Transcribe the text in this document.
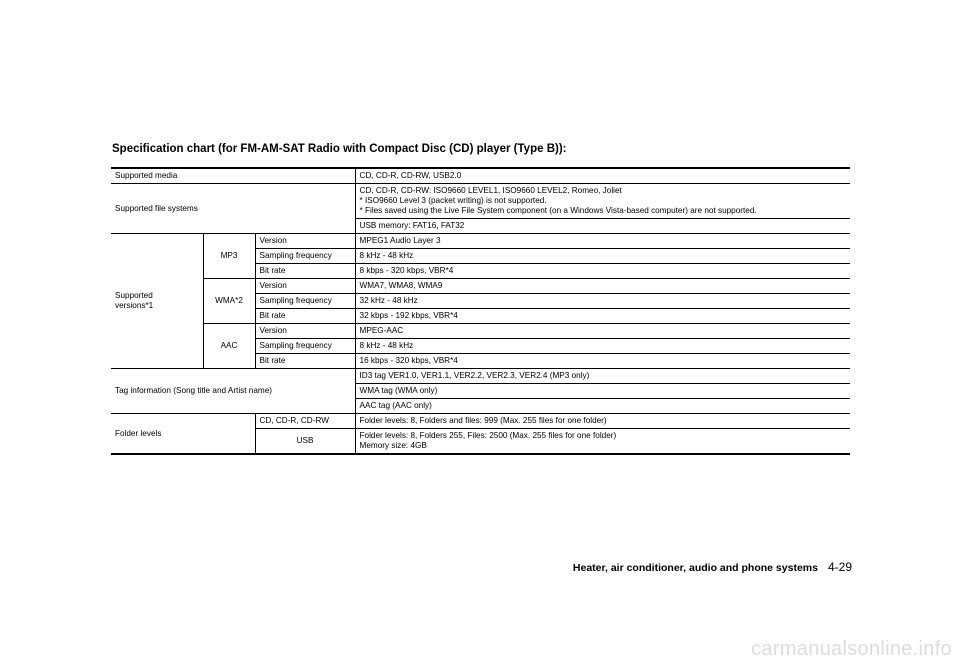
Specification chart (for FM-AM-SAT Radio with Compact Disc (CD) player (Type B)):
Supported media			CD, CD-R, CD-RW, USB2.0
Supported file systems			CD, CD-R, CD-RW: ISO9660 LEVEL1, ISO9660 LEVEL2, Romeo, Joliet
* ISO9660 Level 3 (packet writing) is not supported.
* Files saved using the Live File System component (on a Windows Vista-based computer) are not supported.

			USB memory: FAT16, FAT32

Supported
versions*1	MP3	Version	MPEG1 Audio Layer 3
		Sampling frequency	8 kHz - 48 kHz
		Bit rate	8 kbps - 320 kbps, VBR*4
	WMA*2	Version	WMA7, WMA8, WMA9
		Sampling frequency	32 kHz - 48 kHz
		Bit rate	32 kbps - 192 kbps, VBR*4
	AAC	Version	MPEG-AAC
		Sampling frequency	8 kHz - 48 kHz
		Bit rate	16 kbps - 320 kbps, VBR*4
Tag information (Song title and Artist name)			ID3 tag VER1.0, VER1.1, VER2.2, VER2.3, VER2.4 (MP3 only)
			WMA tag (WMA only)
			AAC tag (AAC only)
Folder levels		CD, CD-R, CD-RW	Folder levels: 8, Folders and files: 999 (Max. 255 files for one folder)
		USB	Folder levels: 8, Folders 255, Files: 2500 (Max. 255 files for one folder)
Memory size: 4GB
Heater, air conditioner, audio and phone systems 4-29
carmanualsonline.info
